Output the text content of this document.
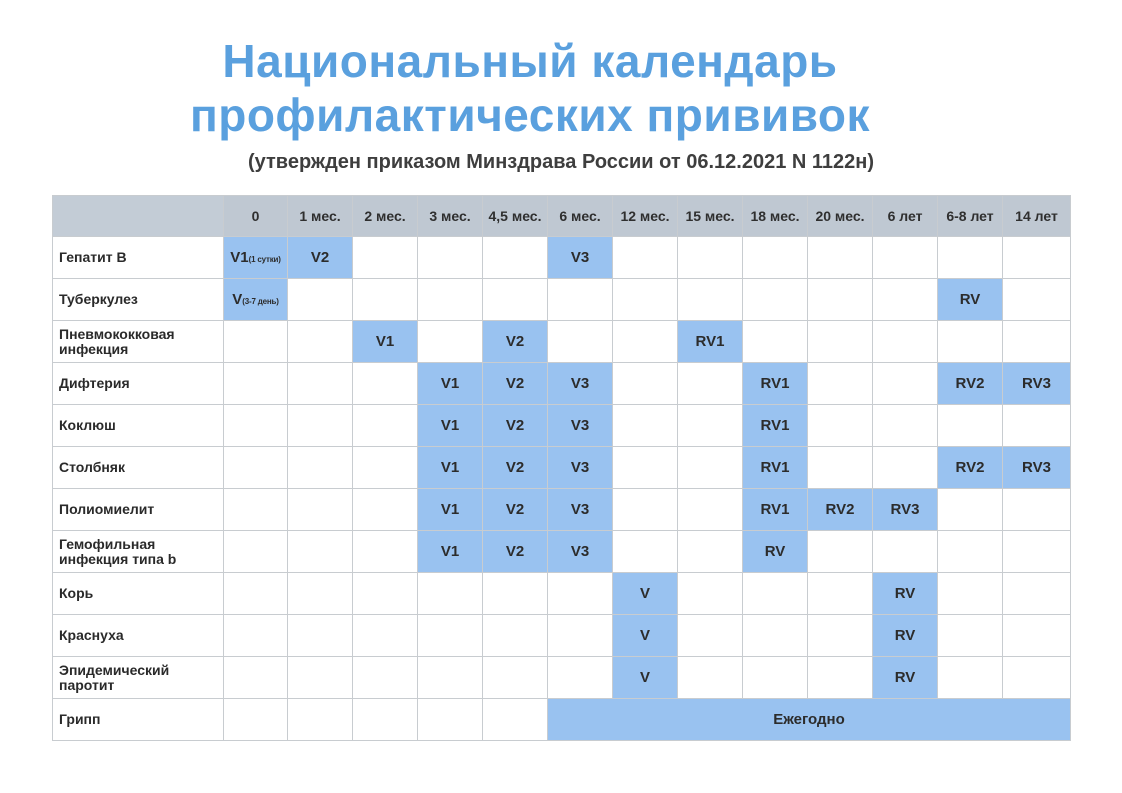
Национальный календарь
профилактических прививок
(утвержден приказом Минздрава России от 06.12.2021 N 1122н)
	0	1 мес.	2 мес.	3 мес.	4,5 мес.	6 мес.	12 мес.	15 мес.	18 мес.	20 мес.	6 лет	6-8 лет	14 лет
Гепатит B	V1(1 сутки)	V2				V3							
Туберкулез	V(3-7 день)											RV	
Пневмококковая инфекция			V1		V2			RV1					
Дифтерия				V1	V2	V3			RV1			RV2	RV3
Коклюш				V1	V2	V3			RV1				
Столбняк				V1	V2	V3			RV1			RV2	RV3
Полиомиелит				V1	V2	V3			RV1	RV2	RV3		
Гемофильная инфекция типа b				V1	V2	V3			RV				
Корь							V				RV		
Краснуха							V				RV		
Эпидемический паротит							V				RV		
Грипп						Ежегодно							
